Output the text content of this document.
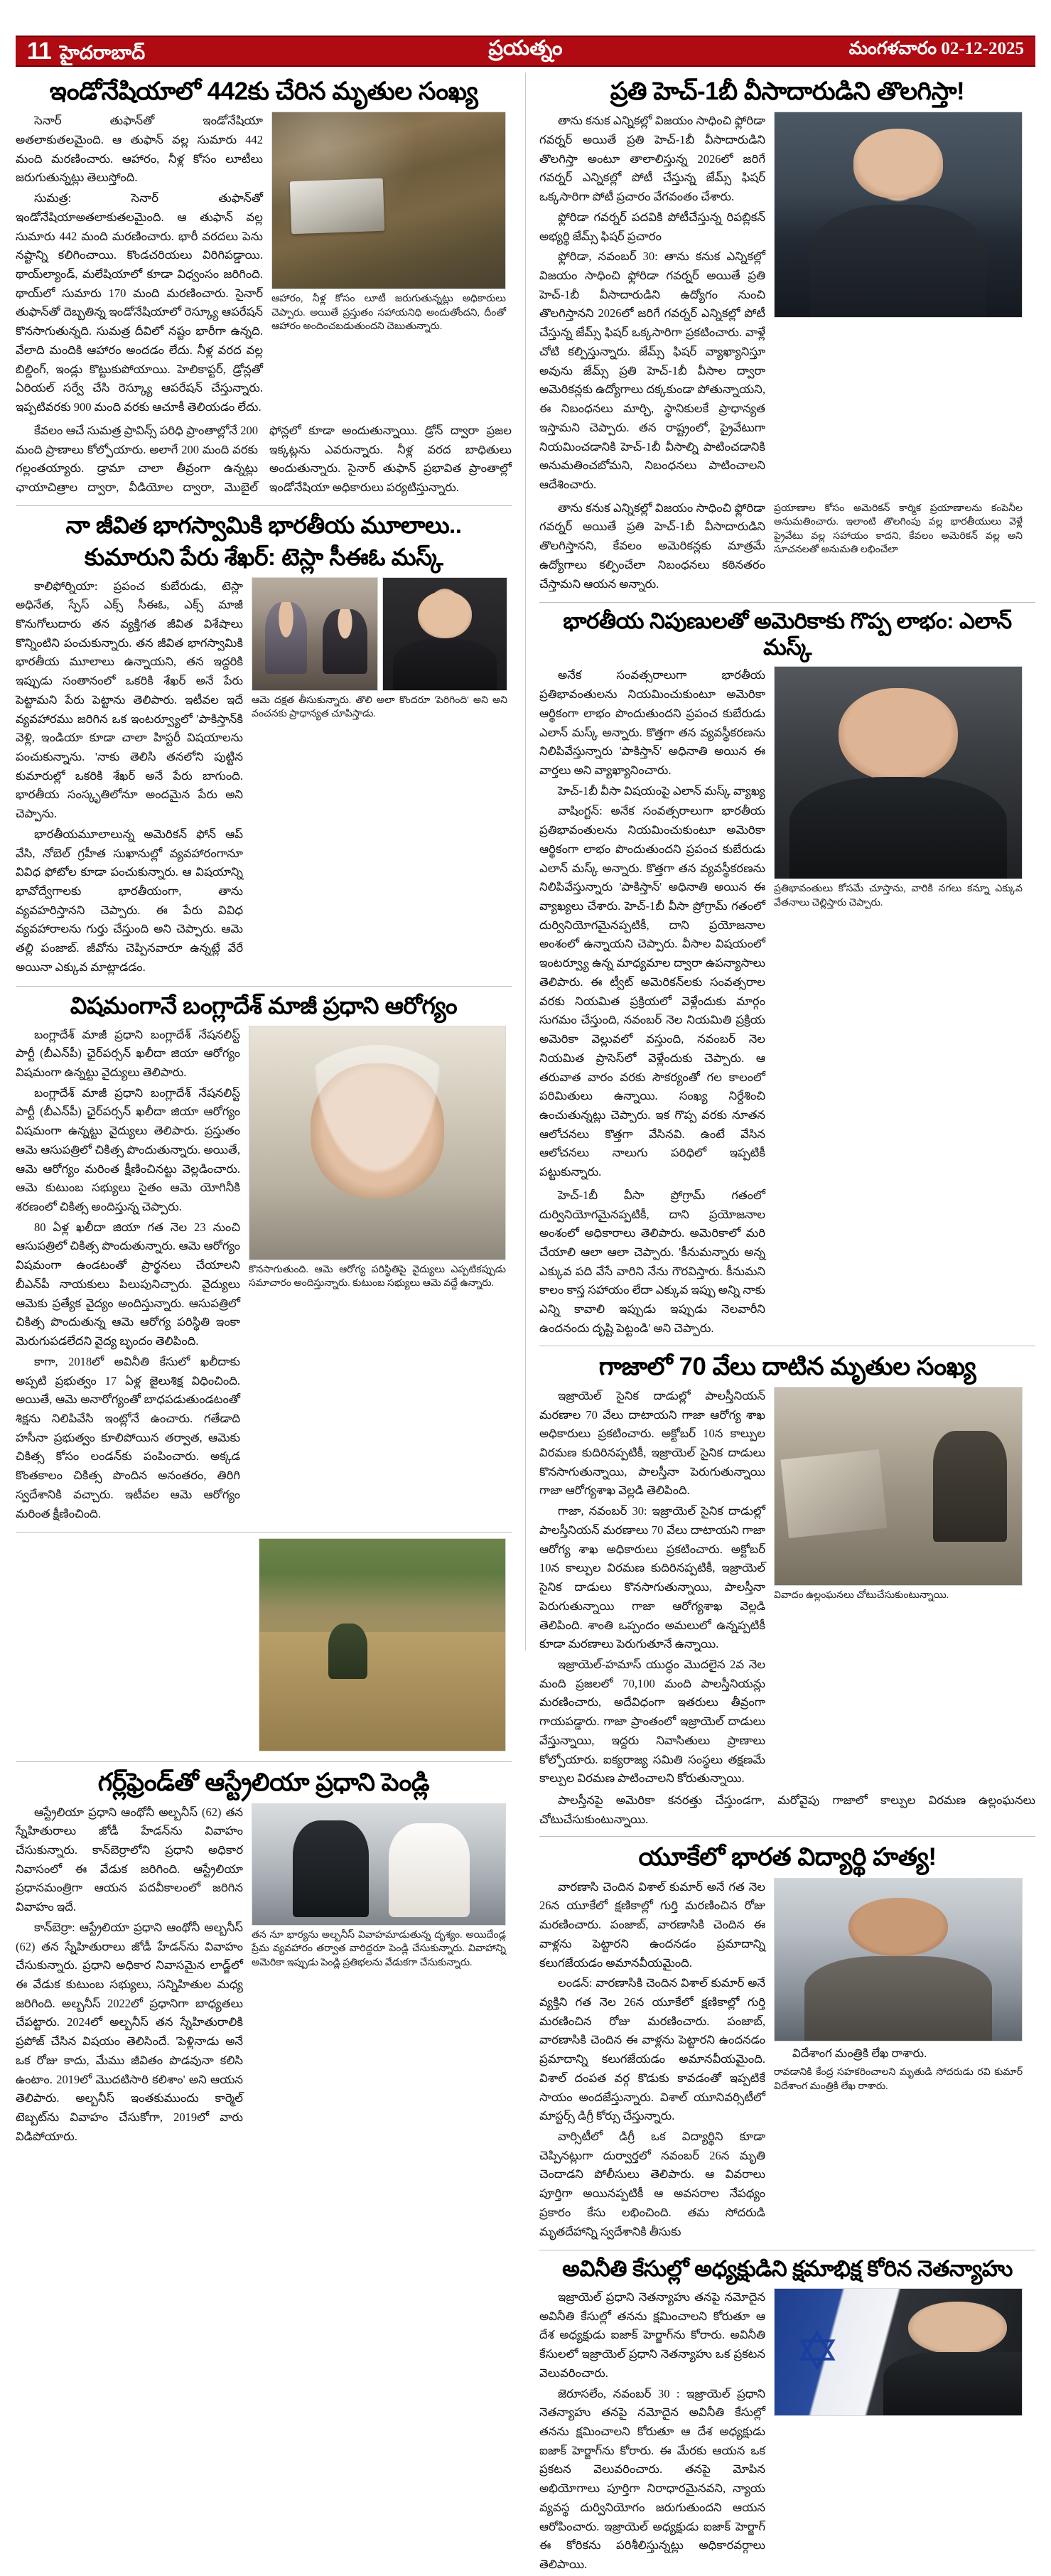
11 హైదరాబాద్	ప్రయత్నం	మంగళవారం 02-12-2025
ఇండోనేషియాలో 442కు చేరిన మృతుల సంఖ్య

సెనార్ తుఫాన్‌తో ఇండోనేషియా అతలాకుతలమైంది. ఆ తుఫాన్ వల్ల సుమారు 442 మంది మరణించారు. ఆహారం, నీళ్ల కోసం లూటీలు జరుగుతున్నట్లు తెలుస్తోంది.

సుమత్ర: సెనార్ తుఫాన్‌తో ఇండోనేషియాఅతలాకుతలమైంది. ఆ తుఫాన్ వల్ల సుమారు 442 మంది మరణించారు. భారీ వరదలు పెను నష్టాన్ని కలిగించాయి. కొండచరియలు విరిగిపడ్డాయి. థాయ్‌ల్యాండ్, మలేషియాలో కూడా విధ్వంసం జరిగింది. థాయ్‌లో సుమారు 170 మంది మరణించారు. సైనార్ తుఫాన్‌తో దెబ్బతిన్న ఇండోనేషియాలో రెస్క్యూ ఆపరేషన్ కొనసాగుతున్నది. సుమత్ర దీవిలో నష్టం భారీగా ఉన్నది. వేలాది మందికి ఆహారం అందడం లేదు. నీళ్ల వరద వల్ల బిల్డింగ్, ఇండ్లు కొట్టుకుపోయాయి. హెలికాప్టర్, డ్రోన్లతో ఏరియల్ సర్వే చేసి రెస్క్యూ ఆపరేషన్ చేస్తున్నారు. ఇప్పటివరకు 900 మంది వరకు ఆచూకీ తెలియడం లేదు.

ఆహారం, నీళ్ల కోసం లూటీ జరుగుతున్నట్లు అధికారులు చెప్పారు. అయితే ప్రస్తుతం సహాయనిధి అందుతోందని, దీంతో ఆహారం అందించబడుతుందని చెబుతున్నారు.

కేవలం ఆచే సుమత్ర ప్రావిన్స్ పరిధి ప్రాంతాల్లోనే 200 మంది ప్రాణాలు కోల్పోయారు. అలాగే 200 మంది వరకు గల్లంతయ్యారు. డ్రామా చాలా తీవ్రంగా ఉన్నట్లు ఛాయాచిత్రాల ద్వారా, వీడియోల ద్వారా, మొబైల్ ఫోన్లలో కూడా అందుతున్నాయి. డ్రోన్ ద్వారా ప్రజల ఇక్కట్లను ఎవరున్నారు. నీళ్ల వరద బాధితులు అందుతున్నారు. సైనార్ తుఫాన్ ప్రభావిత ప్రాంతాల్లో ఇండోనేషియా అధికారులు పర్యటిస్తున్నారు.

నా జీవిత భాగస్వామికి భారతీయ మూలాలు..
కుమారుని పేరు శేఖర్: టెస్లా సీఈఓ మస్క్

కాలిఫోర్నియా: ప్రపంచ కుబేరుడు, టెస్లా అధినేత, స్పేస్ ఎక్స్ సీఈఓ, ఎక్స్ మాజీ కొనుగోలుదారు తన వ్యక్తిగత జీవిత విశేషాలు కొన్నింటిని పంచుకున్నారు. తన జీవిత భాగస్వామికి భారతీయ మూలాలు ఉన్నాయని, తన ఇద్దరికి ఇప్పుడు సంతానంలో ఒకరికి శేఖర్ అనే పేరు పెట్టామని పేరు పెట్టాను తెలిపారు. ఇటీవల ఇదే వ్యవహారము జరిగిన ఒక ఇంటర్వ్యూలో 'పాకిస్తాన్‌కి వెళ్లి, ఇండియా కూడా చాలా హిస్టరీ విషయాలను పంచుకున్నాను. 'నాకు తెలిసి తనలోని పుట్టిన కుమారుల్లో ఒకరికి శేఖర్ అనే పేరు బాగుంది. భారతీయ సంస్కృతిలోనూ అందమైన పేరు అని చెప్పాను.

భారతీయమూలాలున్న అమెరికన్ ఫోన్ ఆప్ వేసి, నోబెల్ గ్రహీత సుఖానుల్లో వ్యవహారంగానూ వివిధ ఫోటోల కూడా పంచుకున్నారు. ఆ విషయాన్ని భావోద్వేగాలకు భారతీయంగా, తాను వ్యవహరిస్తానని చెప్పారు. ఈ పేరు వివిధ వ్యవహారాలను గుర్తు చేస్తుంది అని చెప్పారు. ఆమె తల్లి పంజాబ్. జీవోను చెప్పినవారూ ఉన్నట్లే వేరే అయినా ఎక్కువ మాట్లాడడం.

ఆమె దక్షత తీసుకున్నారు. తొలి అలా కొందరూ 'పెరిగింది' అని అని వంచనకు ప్రాధాన్యత చూపిస్తాడు.
విషమంగానే బంగ్లాదేశ్ మాజీ ప్రధాని ఆరోగ్యం

బంగ్లాదేశ్ మాజీ ప్రధాని బంగ్లాదేశ్ నేషనలిస్ట్ పార్టీ (బీఎన్‌పీ) ఛైర్‌పర్సన్ ఖలీదా జియా ఆరోగ్యం విషమంగా ఉన్నట్టు వైద్యులు తెలిపారు.

బంగ్లాదేశ్ మాజీ ప్రధాని బంగ్లాదేశ్ నేషనలిస్ట్ పార్టీ (బీఎన్‌పీ) ఛైర్‌పర్సన్ ఖలీదా జియా ఆరోగ్యం విషమంగా ఉన్నట్టు వైద్యులు తెలిపారు. ప్రస్తుతం ఆమె ఆసుపత్రిలో చికిత్స పొందుతున్నారు. అయితే, ఆమె ఆరోగ్యం మరింత క్షీణించినట్టు వెల్లడించారు. ఆమె కుటుంబ సభ్యులు సైతం ఆమె యోగినీకి శరణంలో చికిత్స అందిస్తున్న చెప్పారు.

80 ఏళ్ల ఖలీదా జియా గత నెల 23 నుంచి ఆసుపత్రిలో చికిత్స పొందుతున్నారు. ఆమె ఆరోగ్యం విషమంగా ఉండటంతో ప్రార్థనలు చేయాలని బీఎన్‌పీ నాయకులు పిలుపునిచ్చారు. వైద్యులు ఆమెకు ప్రత్యేక వైద్యం అందిస్తున్నారు. ఆసుపత్రిలో చికిత్స పొందుతున్న ఆమె ఆరోగ్య పరిస్థితి ఇంకా మెరుగుపడలేదని వైద్య బృందం తెలిపింది.

కాగా, 2018లో అవినీతి కేసులో ఖలీదాకు అప్పటి ప్రభుత్వం 17 ఏళ్ల జైలుశిక్ష విధించింది. అయితే, ఆమె అనారోగ్యంతో బాధపడుతుండటంతో శిక్షను నిలిపివేసి ఇంట్లోనే ఉంచారు. గతేడాది హసీనా ప్రభుత్వం కూలిపోయిన తర్వాత, ఆమెకు చికిత్స కోసం లండన్‌కు పంపించారు. అక్కడ కొంతకాలం చికిత్స పొందిన అనంతరం, తిరిగి స్వదేశానికి వచ్చారు. ఇటీవల ఆమె ఆరోగ్యం మరింత క్షీణించింది.

కొనసాగుతుంది. ఆమె ఆరోగ్య పరిస్థితిపై వైద్యులు ఎప్పటికప్పుడు సమాచారం అందిస్తున్నారు. కుటుంబ సభ్యులు ఆమె వద్దే ఉన్నారు.

గర్ల్‌ఫ్రెండ్‌తో ఆస్ట్రేలియా ప్రధాని పెండ్లి

ఆస్ట్రేలియా ప్రధాని ఆంథోనీ అల్బనీస్ (62) తన స్నేహితురాలు జోడీ హేడన్‌ను వివాహం చేసుకున్నారు. కాన్‌బెర్రాలోని ప్రధాని అధికార నివాసంలో ఈ వేడుక జరిగింది. ఆస్ట్రేలియా ప్రధానమంత్రిగా ఆయన పదవీకాలంలో జరిగిన వివాహం ఇదే.

కాన్‌బెర్రా: ఆస్ట్రేలియా ప్రధాని ఆంథోనీ అల్బనీస్ (62) తన స్నేహితురాలు జోడీ హేడన్‌ను వివాహం చేసుకున్నారు. ప్రధాని అధికార నివాసమైన లాడ్జ్‌లో ఈ వేడుక కుటుంబ సభ్యులు, సన్నిహితుల మధ్య జరిగింది. అల్బనీస్ 2022లో ప్రధానిగా బాధ్యతలు చేపట్టారు. 2024లో అల్బనీస్ తన స్నేహితురాలికి ప్రపోజ్ చేసిన విషయం తెలిసిందే. 'పెళ్లినాడు అనే ఒక రోజు కాదు, మేము జీవితం పొడవునా కలిసి ఉంటాం. 2019లో మొదటిసారి కలిశాం' అని ఆయన తెలిపారు. అల్బనీస్ ఇంతకుముందు కార్మెల్ టెబ్బట్‌ను వివాహం చేసుకోగా, 2019లో వారు విడిపోయారు.

తన నూ భార్యను అల్బనీస్ వివాహమాడుతున్న దృశ్యం. అయిదేండ్ల ప్రేమ వ్యవహారం తర్వాత వారిద్దరూ పెండ్లి చేసుకున్నారు. వివాహాన్ని అమెరికా ఇప్పుడు పెండ్లి ప్రతిభలను వేడుకగా చేసుకున్నారు.
ప్రతి హెచ్-1బీ వీసాదారుడిని తొలగిస్తా!

తాను కనుక ఎన్నికల్లో విజయం సాధించి ఫ్లోరిడా గవర్నర్ అయితే ప్రతి హెచ్-1బీ వీసాదారుడిని తొలగిస్తా అంటూ తాలాలిస్తున్న 2026లో జరిగే గవర్నర్ ఎన్నికల్లో పోటీ చేస్తున్న జేమ్స్ ఫిషర్ ఒక్కసారిగా పోటీ ప్రచారం వేగవంతం చేశారు.

ఫ్లోరిడా గవర్నర్ పదవికి పోటీచేస్తున్న రిపబ్లికన్ అభ్యర్థి జేమ్స్ ఫిషర్ ప్రచారం

ఫ్లోరిడా, నవంబర్ 30: తాను కనుక ఎన్నికల్లో విజయం సాధించి ఫ్లోరిడా గవర్నర్ అయితే ప్రతి హెచ్-1బీ వీసాదారుడిని ఉద్యోగం నుంచి తొలగిస్తానని 2026లో జరిగే గవర్నర్ ఎన్నికల్లో పోటీ చేస్తున్న జేమ్స్ ఫిషర్ ఒక్కసారిగా ప్రకటించారు. వాళ్లే చోటి కల్పిస్తున్నారు. జేమ్స్ ఫిషర్ వ్యాఖ్యానిస్తూ అవును జేమ్స్ ప్రతి హెచ్-1బీ వీసాల ద్వారా అమెరికన్లకు ఉద్యోగాలు దక్కకుండా పోతున్నాయని, ఈ నిబంధనలు మార్చి, స్థానికులకే ప్రాధాన్యత ఇస్తామని చెప్పారు. తన రాష్ట్రంలో, ప్రైవేటుగా నియమించడానికి హెచ్-1బీ వీసాల్ని పాటించడానికి అనుమతించబోమని, నిబంధనలు పాటించాలని ఆదేశించారు.

తాను కనుక ఎన్నికల్లో విజయం సాధించి ఫ్లోరిడా గవర్నర్ అయితే ప్రతి హెచ్-1బీ వీసాదారుడిని తొలగిస్తానని, కేవలం అమెరికన్లకు మాత్రమే ఉద్యోగాలు కల్పించేలా నిబంధనలు కఠినతరం చేస్తామని ఆయన అన్నారు.

ప్రయాణాల కోసం అమెరికన్ కార్మిక ప్రయాణాలను కంపెనీల అనుమతించారు. ఇలాంటి తొలగింపు వల్ల భారతీయులు వెళ్లే ప్రైవేటు వల్ల సహాయం కాదని, కేవలం అమెరికన్ వల్ల అని సూచనలతో అనుమతి లభించేలా
భారతీయ నిపుణులతో అమెరికాకు గొప్ప లాభం: ఎలాన్ మస్క్

అనేక సంవత్సరాలుగా భారతీయ ప్రతిభావంతులను నియమించుకుంటూ అమెరికా ఆర్థికంగా లాభం పొందుతుందని ప్రపంచ కుబేరుడు ఎలాన్ మస్క్ అన్నారు. కొత్తగా తన వ్యవస్థీకరణను నిలిపివేస్తున్నారు 'పాకిస్తాన్' అధినాతి అయిన ఈ వార్తలు అని వ్యాఖ్యానించారు.

హెచ్-1బీ వీసా విషయంపై ఎలాన్ మస్క్ వ్యాఖ్య

వాషింగ్టన్: అనేక సంవత్సరాలుగా భారతీయ ప్రతిభావంతులను నియమించుకుంటూ అమెరికా ఆర్థికంగా లాభం పొందుతుందని ప్రపంచ కుబేరుడు ఎలాన్ మస్క్ అన్నారు. కొత్తగా తన వ్యవస్థీకరణను నిలిపివేస్తున్నారు 'పాకిస్తాన్' అధినాతి అయిన ఈ వ్యాఖ్యలు చేశారు. హెచ్-1బీ వీసా ప్రోగ్రామ్ గతంలో దుర్వినియోగమైనప్పటికీ, దాని ప్రయోజనాల అంశంలో ఉన్నాయని చెప్పారు. వీసాల విషయంలో ఇంటర్వ్యూ ఉన్న మాధ్యమాల ద్వారా ఉపన్యాసాలు తెలిపారు. ఈ ట్వీట్ అమెరికన్‌లకు సంవత్సరాల వరకు నియమిత ప్రక్రియలో వెళ్లేందుకు మార్గం సుగమం చేస్తుంది, నవంబర్ నెల నియమితి ప్రక్రియ అమెరికా వెల్లువలో వస్తుంది, నవంబర్ నెల నియమిత ప్రాసెస్‌లో వెళ్లేందుకు చెప్పారు. ఆ తరువాత వారం వరకు సౌకర్యంతో గల కాలంలో పరిమితులు ఉన్నాయి. సంఖ్య నిర్దేశించి ఉంచుతున్నట్లు చెప్పారు. ఇక గొప్ప వరకు నూతన ఆలోచనలు కొత్తగా వేసినవి. ఉంటే వేసిన ఆలోచనలు నాలుగు పరిధిలో ఇప్పటికీ పట్టుకున్నారు.

ప్రతిభావంతులు కోసమే చూస్తాను, వారికి నగలు కన్నూ ఎక్కువ వేతనాలు చెల్లిస్తారు చెప్పారు.

హెచ్-1బీ వీసా ప్రోగ్రామ్ గతంలో దుర్వినియోగమైనప్పటికీ, దాని ప్రయోజనాల అంశంలో అధికారాలు తెలిపారు. అమెరికాలో మరి చేయాలి ఆలా ఆలా చెప్పారు. 'కీనుమన్నారు అన్న ఎక్కువ పది వేసే వారిని నేను గౌరవిస్తారు. కీనుమని కాలం కాస్త సహాయం లేదా ఎక్కువ ఇప్పు అన్ని నాకు ఎన్ని కావాలి ఇప్పుడు ఇప్పుడు నెలవారీని ఉందనందు దృష్టి పెట్టండి' అని చెప్పారు.

గాజాలో 70 వేలు దాటిన మృతుల సంఖ్య

ఇజ్రాయెల్ సైనిక దాడుల్లో పాలస్తీనియన్ మరణాల 70 వేలు దాటాయని గాజా ఆరోగ్య శాఖ అధికారులు ప్రకటించారు. అక్టోబర్ 10న కాల్పుల విరమణ కుదిరినప్పటికీ, ఇజ్రాయెల్ సైనిక దాడులు కొనసాగుతున్నాయి, పాలస్తీనా పెరుగుతున్నాయి గాజా ఆరోగ్యశాఖ వెల్లడి తెలిపింది.

గాజా, నవంబర్ 30: ఇజ్రాయెల్ సైనిక దాడుల్లో పాలస్తీనియన్ మరణాలు 70 వేలు దాటాయని గాజా ఆరోగ్య శాఖ అధికారులు ప్రకటించారు. అక్టోబర్ 10న కాల్పుల విరమణ కుదిరినప్పటికీ, ఇజ్రాయెల్ సైనిక దాడులు కొనసాగుతున్నాయి, పాలస్తీనా పెరుగుతున్నాయి గాజా ఆరోగ్యశాఖ వెల్లడి తెలిపింది. శాంతి ఒప్పందం అమలులో ఉన్నప్పటికీ కూడా మరణాలు పెరుగుతూనే ఉన్నాయి.

ఇజ్రాయెల్-హమాస్ యుద్ధం మొదలైన 2వ నెల మంది ప్రజలలో 70,100 మంది పాలస్తీనియన్లు మరణించారు, అదేవిధంగా ఇతరులు తీవ్రంగా గాయపడ్డారు. గాజా ప్రాంతంలో ఇజ్రాయెల్ దాడులు వేస్తున్నాయి, ఇద్దరు నివాసితులు ప్రాణాలు కోల్పోయారు. ఐక్యరాజ్య సమితి సంస్థలు తక్షణమే కాల్పుల విరమణ పాటించాలని కోరుతున్నాయి.

వివాదం ఉల్లంఘనలు చోటుచేసుకుంటున్నాయి.

పాలస్తీనపై అమెరికా కనరత్తు చేస్తుండగా, మరోవైపు గాజాలో కాల్పుల విరమణ ఉల్లంఘనలు చోటుచేసుకుంటున్నాయి.

యూకేలో భారత విద్యార్థి హత్య!

వారణాసి చెందిన విశాల్ కుమార్ అనే గత నెల 26న యూకేలో క్షణికాల్లో గుర్తి మరణించిన రోజు మరణించారు. పంజాబ్, వారణాసికి చెందిన ఈ వాళ్లను పెట్టారని ఉందనడం ప్రమాదాన్ని కలుగజేయడం అమానవీయమైంది.

లండన్: వారణాసికి చెందిన విశాల్ కుమార్ అనే వ్యక్తిని గత నెల 26న యూకేలో క్షణికాల్లో గుర్తి మరణించిన రోజు మరణించారు. పంజాబ్, వారణాసికి చెందిన ఈ వాళ్లను పెట్టారని ఉందనడం ప్రమాదాన్ని కలుగజేయడం అమానవీయమైంది. విశాల్ దంపత వర్గ కొడుకు కావడంతో ఇప్పటికే సాయం అందజేస్తున్నారు. విశాల్ యూనివర్సిటీలో మాస్టర్స్ డిగ్రీ కోర్సు చేస్తున్నారు.

వార్సిటీలో డిగ్రీ ఒక విద్యార్థిని కూడా చెప్పినట్లుగా దుర్వార్తలో నవంబర్ 26న మృతి చెందాడని పోలీసులు తెలిపారు. ఆ వివరాలు పూర్తిగా అయినప్పటికీ ఆ అవసరాల నేపథ్యం ప్రకారం కేసు లభించింది. తమ సోదరుడి మృతదేహాన్ని స్వదేశానికి తీసుకు

విదేశాంగ మంత్రికి లేఖ రాశారు.

రావడానికి కేంద్ర సహకరించాలని మృతుడి సోదరుడు రవి కుమార్ విదేశాంగ మంత్రికి లేఖ రాశారు.
అవినీతి కేసుల్లో అధ్యక్షుడిని క్షమాభిక్ష కోరిన నెతన్యాహు

ఇజ్రాయెల్ ప్రధాని నెతన్యాహు తనపై నమోదైన అవినీతి కేసుల్లో తనను క్షమించాలని కోరుతూ ఆ దేశ అధ్యక్షుడు ఐజాక్ హెర్జాగ్‌ను కోరారు. అవినీతి కేసులలో ఇజ్రాయెల్ ప్రధాని నెతన్యాహు ఒక ప్రకటన వెలువరించారు.

జెరూసలేం, నవంబర్ 30 : ఇజ్రాయెల్ ప్రధాని నెతన్యాహు తనపై నమోదైన అవినీతి కేసుల్లో తనను క్షమించాలని కోరుతూ ఆ దేశ అధ్యక్షుడు ఐజాక్ హెర్జాగ్‌ను కోరారు. ఈ మేరకు ఆయన ఒక ప్రకటన వెలువరించారు. తనపై మోపిన అభియోగాలు పూర్తిగా నిరాధారమైనవని, న్యాయ వ్యవస్థ దుర్వినియోగం జరుగుతుందని ఆయన ఆరోపించారు. ఇజ్రాయెల్ అధ్యక్షుడు ఐజాక్ హెర్జాగ్ ఈ కోరికను పరిశీలిస్తున్నట్లు అధికారవర్గాలు తెలిపాయి.
